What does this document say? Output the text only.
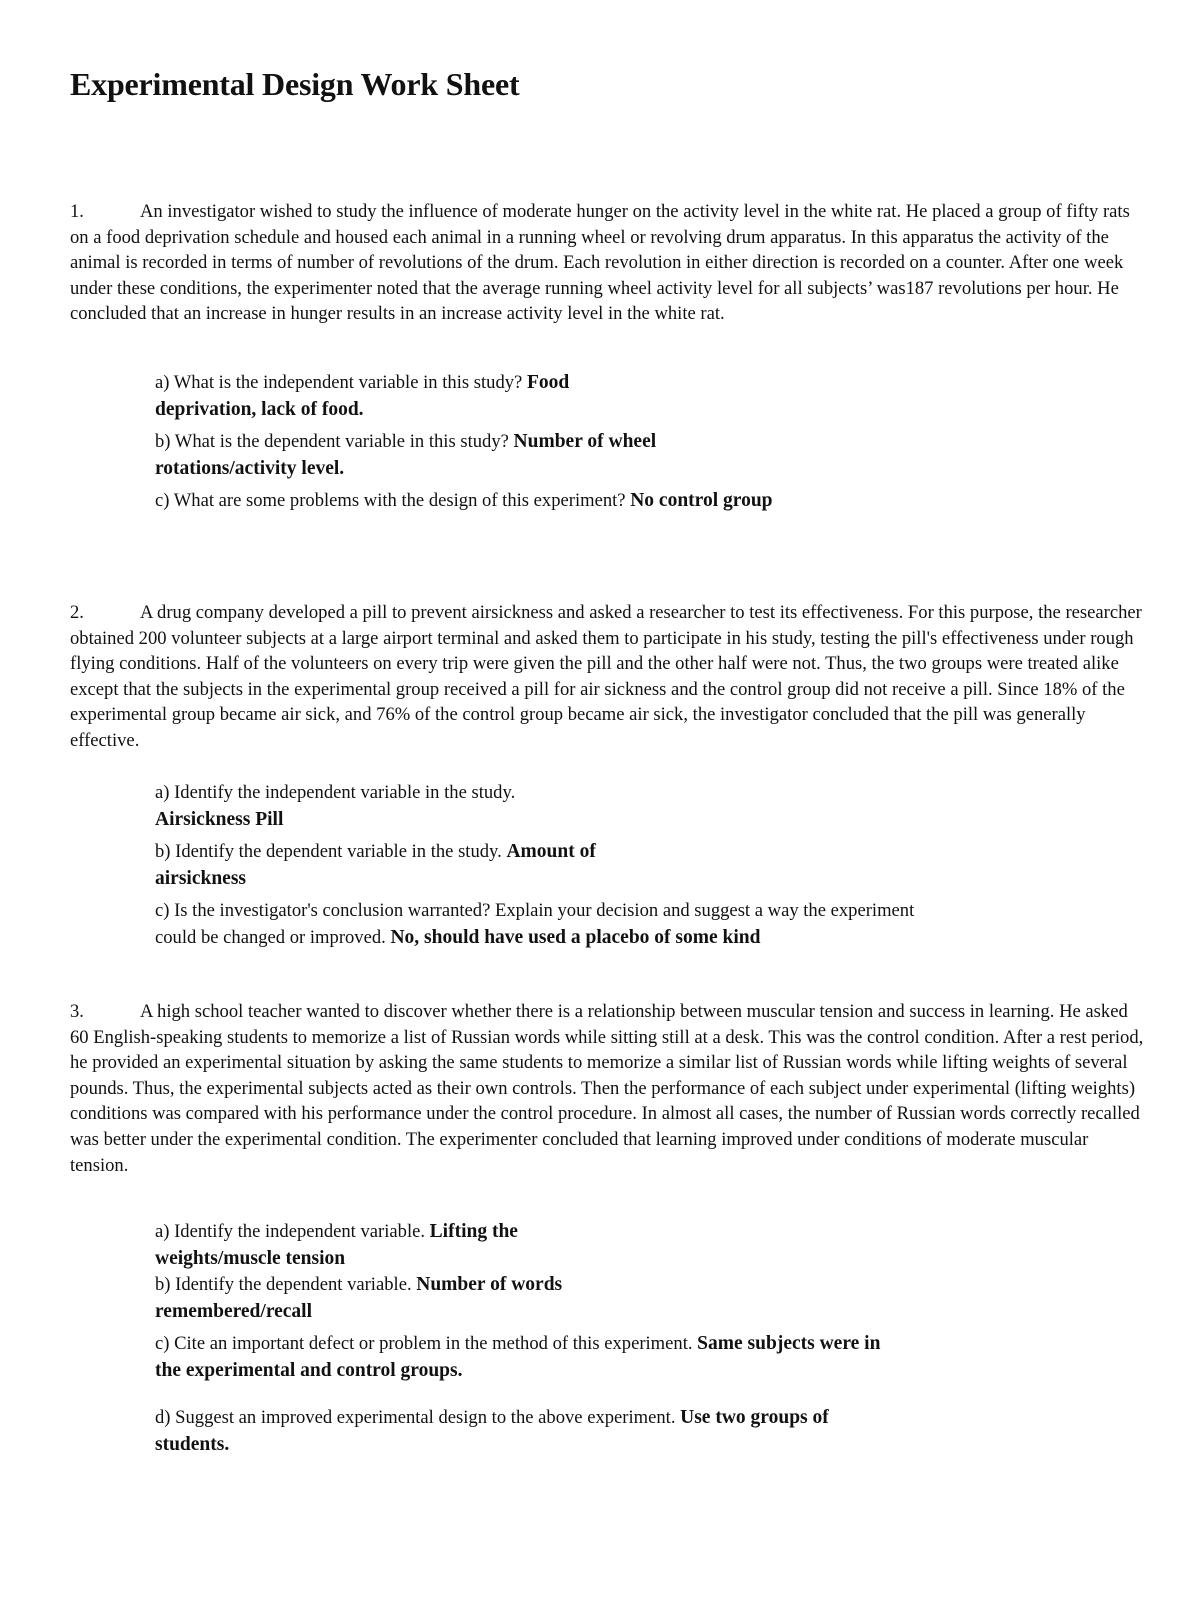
Experimental Design Work Sheet

1.	An investigator wished to study the influence of moderate hunger on the activity level in the white rat. He placed a group of fifty rats on a food deprivation schedule and housed each animal in a running wheel or revolving drum apparatus. In this apparatus the activity of the animal is recorded in terms of number of revolutions of the drum. Each revolution in either direction is recorded on a counter. After one week under these conditions, the experimenter noted that the average running wheel activity level for all subjects’ was187 revolutions per hour. He concluded that an increase in hunger results in an increase activity level in the white rat.

a) What is the independent variable in this study? Food deprivation, lack of food.

b) What is the dependent variable in this study? Number of wheel rotations/activity level.

c) What are some problems with the design of this experiment? No control group

2.	A drug company developed a pill to prevent airsickness and asked a researcher to test its effectiveness. For this purpose, the researcher obtained 200 volunteer subjects at a large airport terminal and asked them to participate in his study, testing the pill's effectiveness under rough flying conditions. Half of the volunteers on every trip were given the pill and the other half were not. Thus, the two groups were treated alike except that the subjects in the experimental group received a pill for air sickness and the control group did not receive a pill. Since 18% of the experimental group became air sick, and 76% of the control group became air sick, the investigator concluded that the pill was generally effective.

a) Identify the independent variable in the study.
Airsickness Pill

b) Identify the dependent variable in the study. Amount of airsickness

c) Is the investigator's conclusion warranted? Explain your decision and suggest a way the experiment could be changed or improved. No, should have used a placebo of some kind

3.	A high school teacher wanted to discover whether there is a relationship between muscular tension and success in learning. He asked 60 English-speaking students to memorize a list of Russian words while sitting still at a desk. This was the control condition. After a rest period, he provided an experimental situation by asking the same students to memorize a similar list of Russian words while lifting weights of several pounds. Thus, the experimental subjects acted as their own controls. Then the performance of each subject under experimental (lifting weights) conditions was compared with his performance under the control procedure. In almost all cases, the number of Russian words correctly recalled was better under the experimental condition. The experimenter concluded that learning improved under conditions of moderate muscular tension.

a) Identify the independent variable. Lifting the weights/muscle tension

b) Identify the dependent variable. Number of words remembered/recall

c) Cite an important defect or problem in the method of this experiment. Same subjects were in the experimental and control groups.

d) Suggest an improved experimental design to the above experiment. Use two groups of students.
